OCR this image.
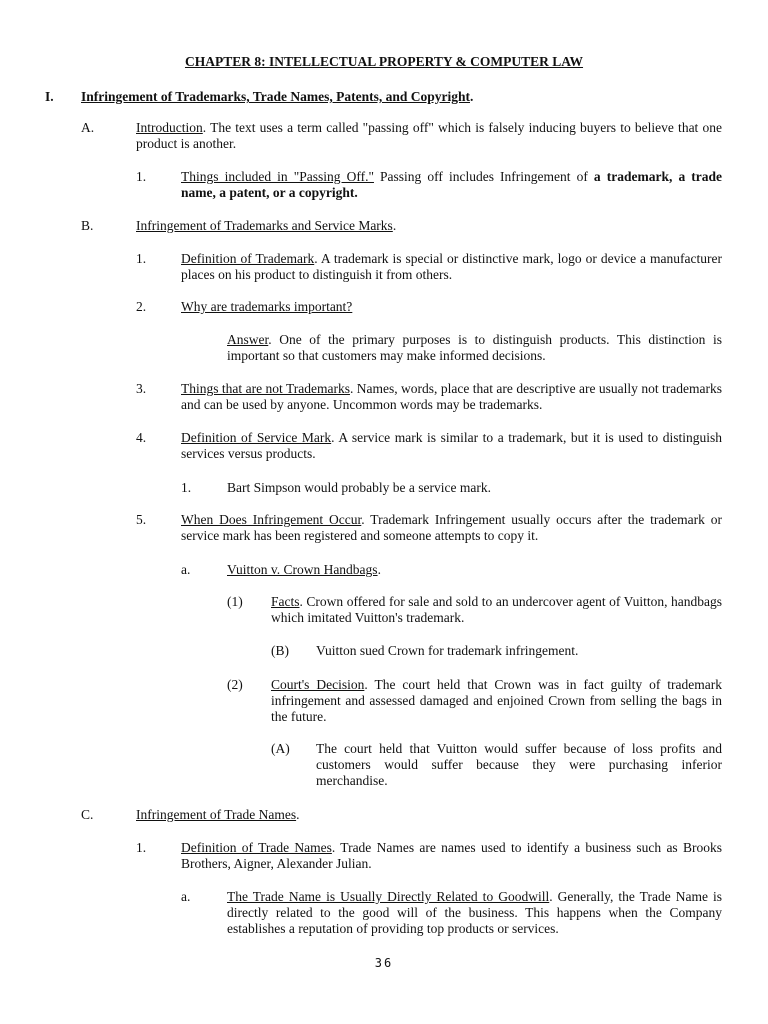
CHAPTER 8: INTELLECTUAL PROPERTY & COMPUTER LAW
I. Infringement of Trademarks, Trade Names, Patents, and Copyright.
A.	Introduction. The text uses a term called "passing off" which is falsely inducing buyers to believe that one product is another.

1.	Things included in "Passing Off." Passing off includes Infringement of a trademark, a trade name, a patent, or a copyright.

B.	Infringement of Trademarks and Service Marks.
1.	Definition of Trademark. A trademark is special or distinctive mark, logo or device a manufacturer places on his product to distinguish it from others.

2.	Why are trademarks important?

Answer. One of the primary purposes is to distinguish products. This distinction is important so that customers may make informed decisions.

3.	Things that are not Trademarks. Names, words, place that are descriptive are usually not trademarks and can be used by anyone. Uncommon words may be trademarks.

4.	Definition of Service Mark. A service mark is similar to a trademark, but it is used to distinguish services versus products.

1.	Bart Simpson would probably be a service mark.
5.	When Does Infringement Occur. Trademark Infringement usually occurs after the trademark or service mark has been registered and someone attempts to copy it.

a.	Vuitton v. Crown Handbags.
(1) Facts. Crown offered for sale and sold to an undercover agent of Vuitton, handbags which imitated Vuitton's trademark.

(B) Vuitton sued Crown for trademark infringement.
(2) Court's Decision. The court held that Crown was in fact guilty of trademark infringement and assessed damaged and enjoined Crown from selling the bags in the future.

(A) The court held that Vuitton would suffer because of loss profits and customers would suffer because they were purchasing inferior merchandise.

C.	Infringement of Trade Names.
1.	Definition of Trade Names. Trade Names are names used to identify a business such as Brooks Brothers, Aigner, Alexander Julian.

a.	The Trade Name is Usually Directly Related to Goodwill. Generally, the Trade Name is directly related to the good will of the business. This happens when the Company establishes a reputation of providing top products or services.

36
